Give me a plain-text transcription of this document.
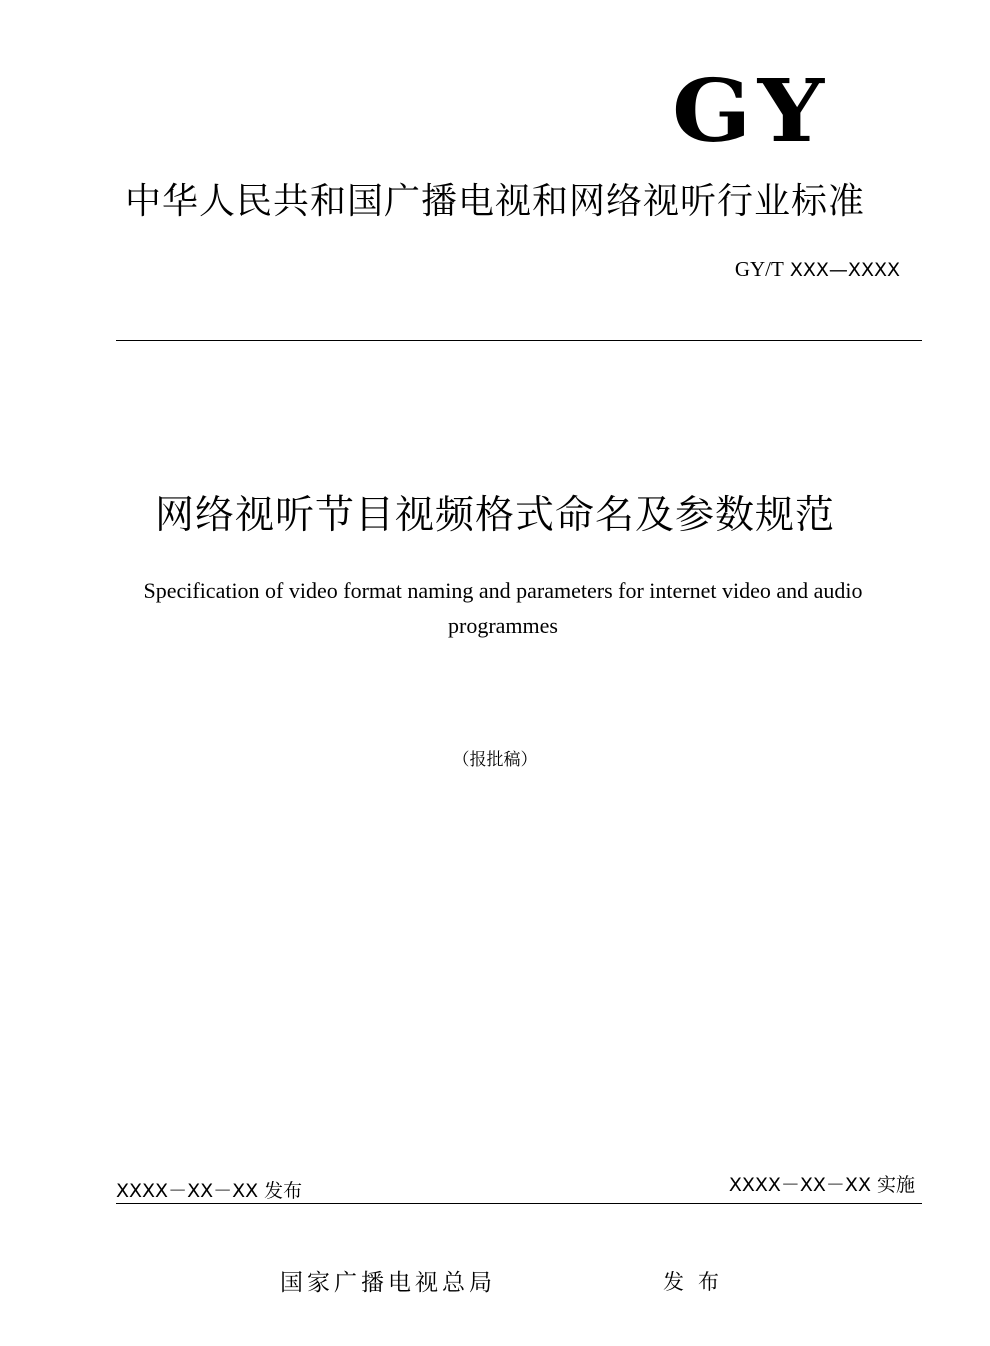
GY
中华人民共和国广播电视和网络视听行业标准
GY/T XXX—XXXX
网络视听节目视频格式命名及参数规范
Specification of video format naming and parameters for internet video and audio programmes
（报批稿）
XXXX－XX－XX 发布	XXXX－XX－XX 实施
国家广播电视总局	发布
